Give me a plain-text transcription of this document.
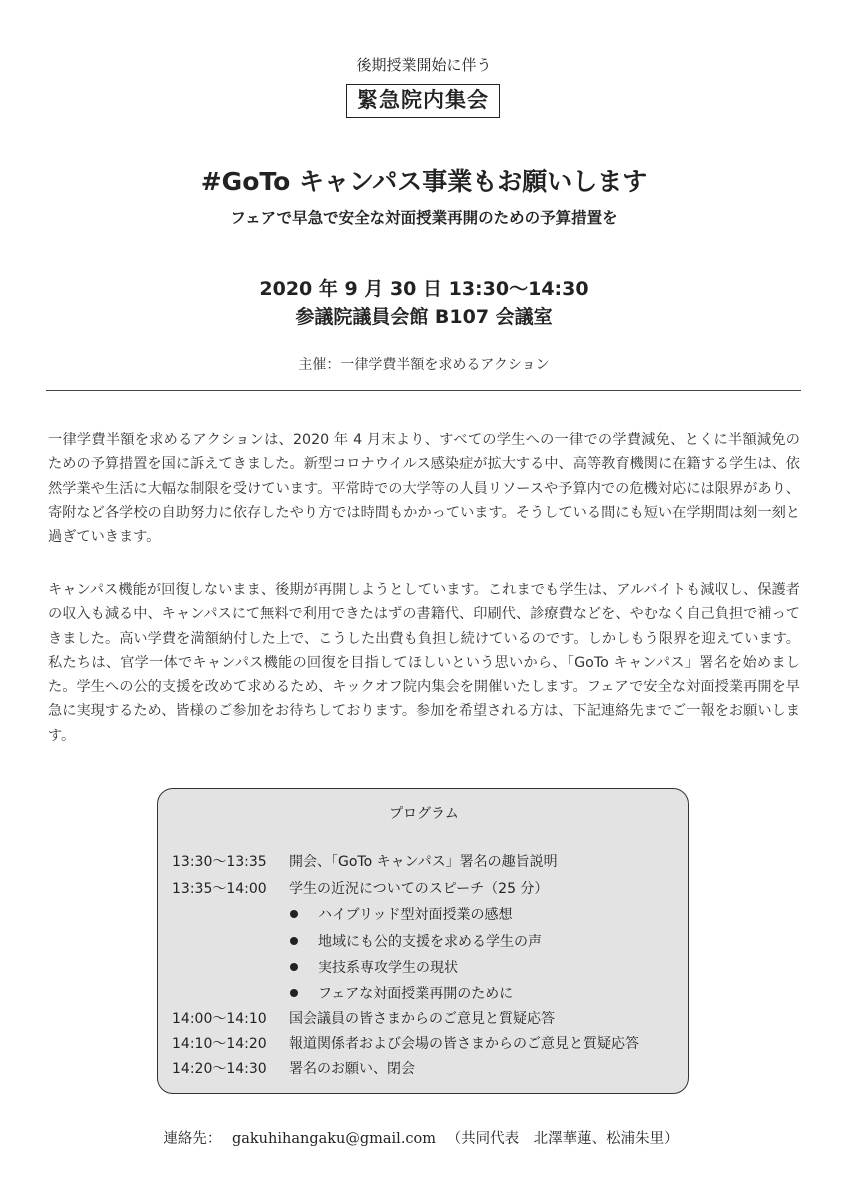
後期授業開始に伴う
緊急院内集会
#GoTo キャンパス事業もお願いします
フェアで早急で安全な対面授業再開のための予算措置を
2020 年 9 月 30 日 13:30〜14:30
参議院議員会館 B107 会議室
主催：一律学費半額を求めるアクション
一律学費半額を求めるアクションは、2020 年 4 月末より、すべての学生への一律での学費減免、とくに半額減免のための予算措置を国に訴えてきました。新型コロナウイルス感染症が拡大する中、高等教育機関に在籍する学生は、依然学業や生活に大幅な制限を受けています。平常時での大学等の人員リソースや予算内での危機対応には限界があり、寄附など各学校の自助努力に依存したやり方では時間もかかっています。そうしている間にも短い在学期間は刻一刻と過ぎていきます。
キャンパス機能が回復しないまま、後期が再開しようとしています。これまでも学生は、アルバイトも減収し、保護者の収入も減る中、キャンパスにて無料で利用できたはずの書籍代、印刷代、診療費などを、やむなく自己負担で補ってきました。高い学費を満額納付した上で、こうした出費も負担し続けているのです。しかしもう限界を迎えています。私たちは、官学一体でキャンパス機能の回復を目指してほしいという思いから、「GoTo キャンパス」署名を始めました。学生への公的支援を改めて求めるため、キックオフ院内集会を開催いたします。フェアで安全な対面授業再開を早急に実現するため、皆様のご参加をお待ちしております。参加を希望される方は、下記連絡先までご一報をお願いします。
プログラム
13:30〜13:35 開会、「GoTo キャンパス」署名の趣旨説明
13:35〜14:00 学生の近況についてのスピーチ（25 分）
ハイブリッド型対面授業の感想
地域にも公的支援を求める学生の声
実技系専攻学生の現状
フェアな対面授業再開のために
14:00〜14:10 国会議員の皆さまからのご意見と質疑応答
14:10〜14:20 報道関係者および会場の皆さまからのご意見と質疑応答
14:20〜14:30 署名のお願い、閉会
連絡先： gakuhihangaku@gmail.com （共同代表　北澤華蓮、松浦朱里）
